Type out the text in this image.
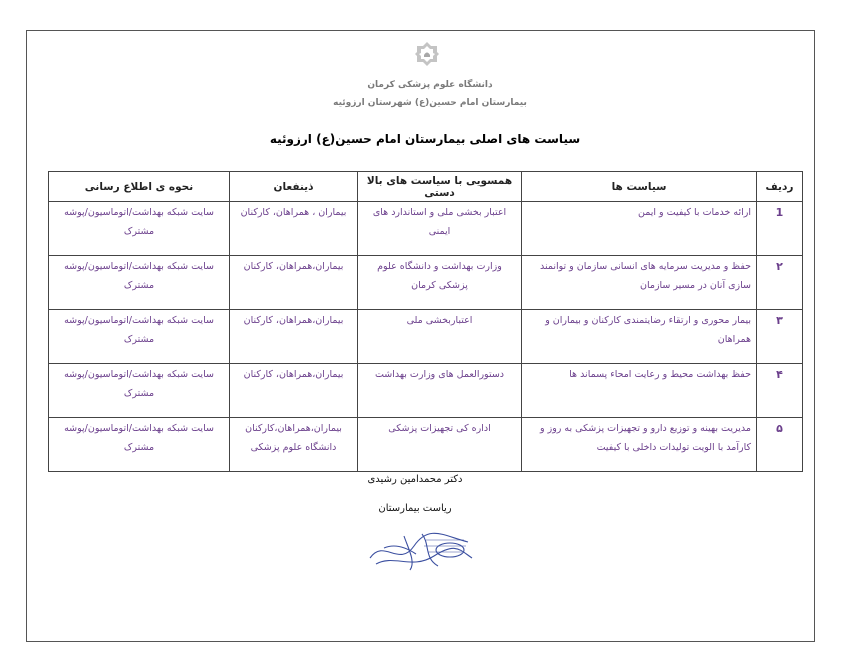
دانشگاه علوم پزشکی کرمان
بیمارستان امام حسین(ع) شهرستان ارزوئیه
سیاست های اصلی بیمارستان امام حسین(ع) ارزوئیه
ردیف	سیاست ها	همسویی با سیاست های بالا دستی	ذینفعان	نحوه ی اطلاع رسانی
1	ارائه خدمات با کیفیت و ایمن	اعتبار بخشی ملی و استاندارد های ایمنی	بیماران ، همراهان، کارکنان	سایت شبکه بهداشت/اتوماسیون/پوشه مشترک
۲	حفظ و مدیریت سرمایه های انسانی سازمان و توانمند سازی آنان در مسیر سازمان	وزارت بهداشت و دانشگاه علوم پزشکی کرمان	بیماران،همراهان، کارکنان	سایت شبکه بهداشت/اتوماسیون/پوشه مشترک
۳	بیمار محوری و ارتقاء رضایتمندی کارکنان و بیماران و همراهان	اعتباربخشی ملی	بیماران،همراهان، کارکنان	سایت شبکه بهداشت/اتوماسیون/پوشه مشترک
۴	حفظ بهداشت محیط و رعایت امحاء پسماند ها	دستورالعمل های وزارت بهداشت	بیماران،همراهان، کارکنان	سایت شبکه بهداشت/اتوماسیون/پوشه مشترک
۵	مدیریت بهینه و توزیع دارو و تجهیزات پزشکی به روز و کارآمد با الویت تولیدات داخلی با کیفیت	اداره کی تجهیزات پزشکی	بیماران،همراهان،کارکنان دانشگاه علوم پزشکی	سایت شبکه بهداشت/اتوماسیون/پوشه مشترک
دکتر محمدامین رشیدی
ریاست بیمارستان
